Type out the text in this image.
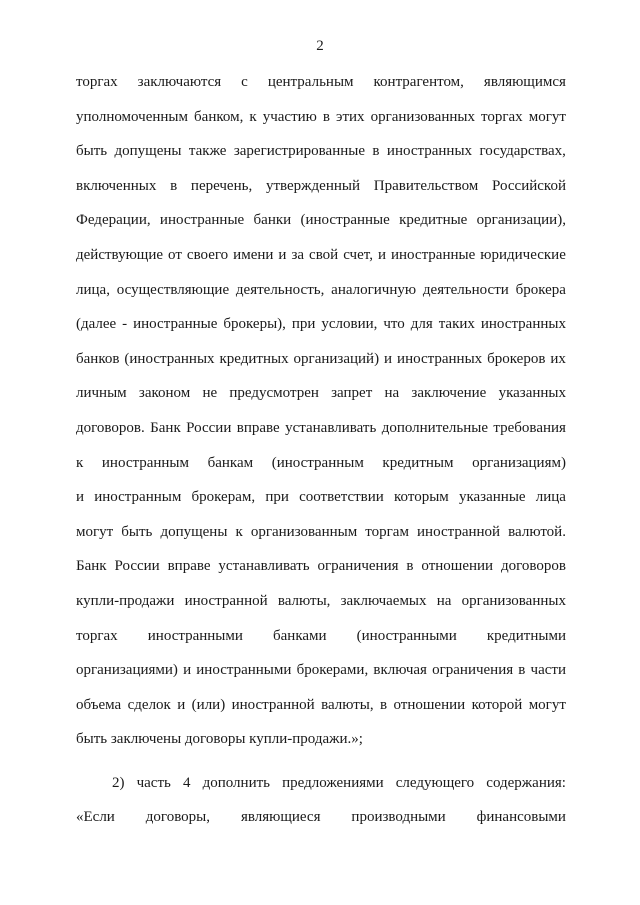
2
торгах заключаются с центральным контрагентом, являющимся
уполномоченным банком, к участию в этих организованных торгах могут
быть допущены также зарегистрированные в иностранных государствах,
включенных в перечень, утвержденный Правительством Российской
Федерации, иностранные банки (иностранные кредитные организации),
действующие от своего имени и за свой счет, и иностранные юридические
лица, осуществляющие деятельность, аналогичную деятельности брокера
(далее - иностранные брокеры), при условии, что для таких иностранных
банков (иностранных кредитных организаций) и иностранных брокеров их
личным законом не предусмотрен запрет на заключение указанных
договоров. Банк России вправе устанавливать дополнительные требования
к иностранным банкам (иностранным кредитным организациям)
и иностранным брокерам, при соответствии которым указанные лица
могут быть допущены к организованным торгам иностранной валютой.
Банк России вправе устанавливать ограничения в отношении договоров
купли-продажи иностранной валюты, заключаемых на организованных
торгах иностранными банками (иностранными кредитными
организациями) и иностранными брокерами, включая ограничения в части
объема сделок и (или) иностранной валюты, в отношении которой могут
быть заключены договоры купли-продажи.»;
2) часть 4 дополнить предложениями следующего содержания:
«Если договоры, являющиеся производными финансовыми
